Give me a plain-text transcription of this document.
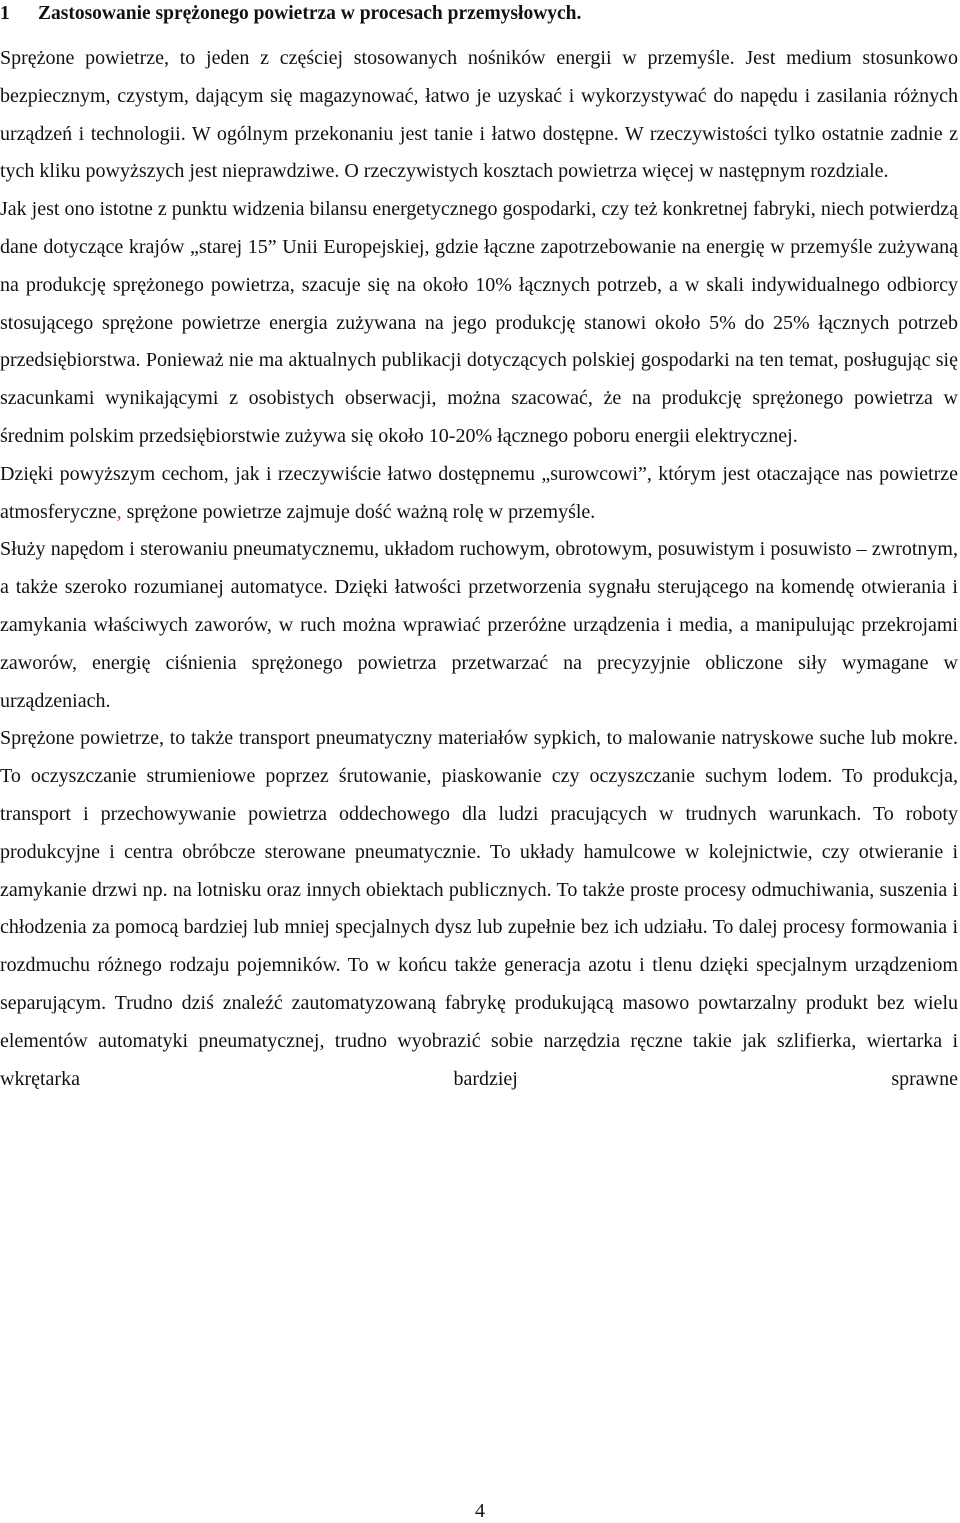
1 Zastosowanie sprężonego powietrza w procesach przemysłowych.

Sprężone powietrze, to jeden z częściej stosowanych nośników energii w przemyśle. Jest medium stosunkowo bezpiecznym, czystym, dającym się magazynować, łatwo je uzyskać i wykorzystywać do napędu i zasilania różnych urządzeń i technologii. W ogólnym przekonaniu jest tanie i łatwo dostępne. W rzeczywistości tylko ostatnie zadnie z tych kliku powyższych jest nieprawdziwe. O rzeczywistych kosztach powietrza więcej w następnym rozdziale.

Jak jest ono istotne z punktu widzenia bilansu energetycznego gospodarki, czy też konkretnej fabryki, niech potwierdzą dane dotyczące krajów „starej 15” Unii Europejskiej, gdzie łączne zapotrzebowanie na energię w przemyśle zużywaną na produkcję sprężonego powietrza, szacuje się na około 10% łącznych potrzeb, a w skali indywidualnego odbiorcy stosującego sprężone powietrze energia zużywana na jego produkcję stanowi około 5% do 25% łącznych potrzeb przedsiębiorstwa. Ponieważ nie ma aktualnych publikacji dotyczących polskiej gospodarki na ten temat, posługując się szacunkami wynikającymi z osobistych obserwacji, można szacować, że na produkcję sprężonego powietrza w średnim polskim przedsiębiorstwie zużywa się około 10-20% łącznego poboru energii elektrycznej.

Dzięki powyższym cechom, jak i rzeczywiście łatwo dostępnemu „surowcowi”, którym jest otaczające nas powietrze atmosferyczne, sprężone powietrze zajmuje dość ważną rolę w przemyśle.

Służy napędom i sterowaniu pneumatycznemu, układom ruchowym, obrotowym, posuwistym i posuwisto – zwrotnym, a także szeroko rozumianej automatyce. Dzięki łatwości przetworzenia sygnału sterującego na komendę otwierania i zamykania właściwych zaworów, w ruch można wprawiać przeróżne urządzenia i media, a manipulując przekrojami zaworów, energię ciśnienia sprężonego powietrza przetwarzać na precyzyjnie obliczone siły wymagane w urządzeniach.

Sprężone powietrze, to także transport pneumatyczny materiałów sypkich, to malowanie natryskowe suche lub mokre. To oczyszczanie strumieniowe poprzez śrutowanie, piaskowanie czy oczyszczanie suchym lodem. To produkcja, transport i przechowywanie powietrza oddechowego dla ludzi pracujących w trudnych warunkach. To roboty produkcyjne i centra obróbcze sterowane pneumatycznie. To układy hamulcowe w kolejnictwie, czy otwieranie i zamykanie drzwi np. na lotnisku oraz innych obiektach publicznych. To także proste procesy odmuchiwania, suszenia i chłodzenia za pomocą bardziej lub mniej specjalnych dysz lub zupełnie bez ich udziału. To dalej procesy formowania i rozdmuchu różnego rodzaju pojemników. To w końcu także generacja azotu i tlenu dzięki specjalnym urządzeniom separującym. Trudno dziś znaleźć zautomatyzowaną fabrykę produkującą masowo powtarzalny produkt bez wielu elementów automatyki pneumatycznej, trudno wyobrazić sobie narzędzia ręczne takie jak szlifierka, wiertarka i wkrętarka bardziej sprawne

4
